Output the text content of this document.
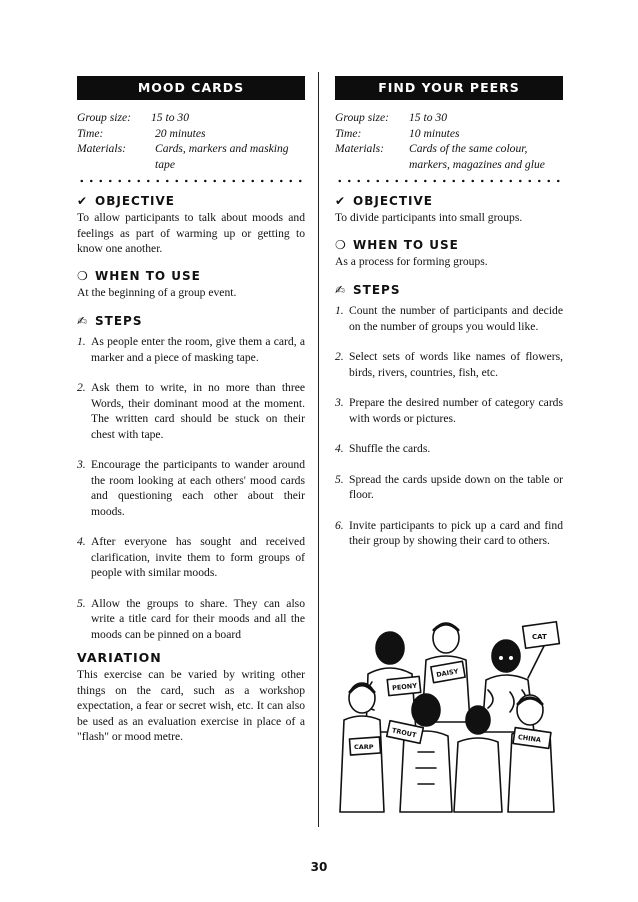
MOOD CARDS
Group size:	15 to 30
Time:	20 minutes
Materials:	Cards, markers and masking tape
✔ OBJECTIVE
To allow participants to talk about moods and feelings as part of warming up or getting to know one another.
❍ WHEN TO USE
At the beginning of a group event.
✍ STEPS
1. As people enter the room, give them a card, a marker and a piece of masking tape.
2. Ask them to write, in no more than three Words, their dominant mood at the moment. The written card should be stuck on their chest with tape.
3. Encourage the participants to wander around the room looking at each others' mood cards and questioning each other about their moods.
4. After everyone has sought and received clarification, invite them to form groups of people with similar moods.
5. Allow the groups to share. They can also write a title card for their moods and all the moods can be pinned on a board
VARIATION
This exercise can be varied by writing other things on the card, such as a workshop expectation, a fear or secret wish, etc. It can also be used as an evaluation exercise in place of a "flash" or mood metre.
FIND YOUR PEERS
Group size:	15 to 30
Time:	10 minutes
Materials:	Cards of the same colour,
markers, magazines and glue
✔ OBJECTIVE
To divide participants into small groups.
❍ WHEN TO USE
As a process for forming groups.
✍ STEPS
1. Count the number of participants and decide on the number of groups you would like.
2. Select sets of words like names of flowers, birds, rivers, countries, fish, etc.
3. Prepare the desired number of category cards with words or pictures.
4. Shuffle the cards.
5. Spread the cards upside down on the table or floor.
6. Invite participants to pick up a card and find their group by showing their card to others.
CAT
DAISY
PEONY
TROUT
CARP
CHINA
30
